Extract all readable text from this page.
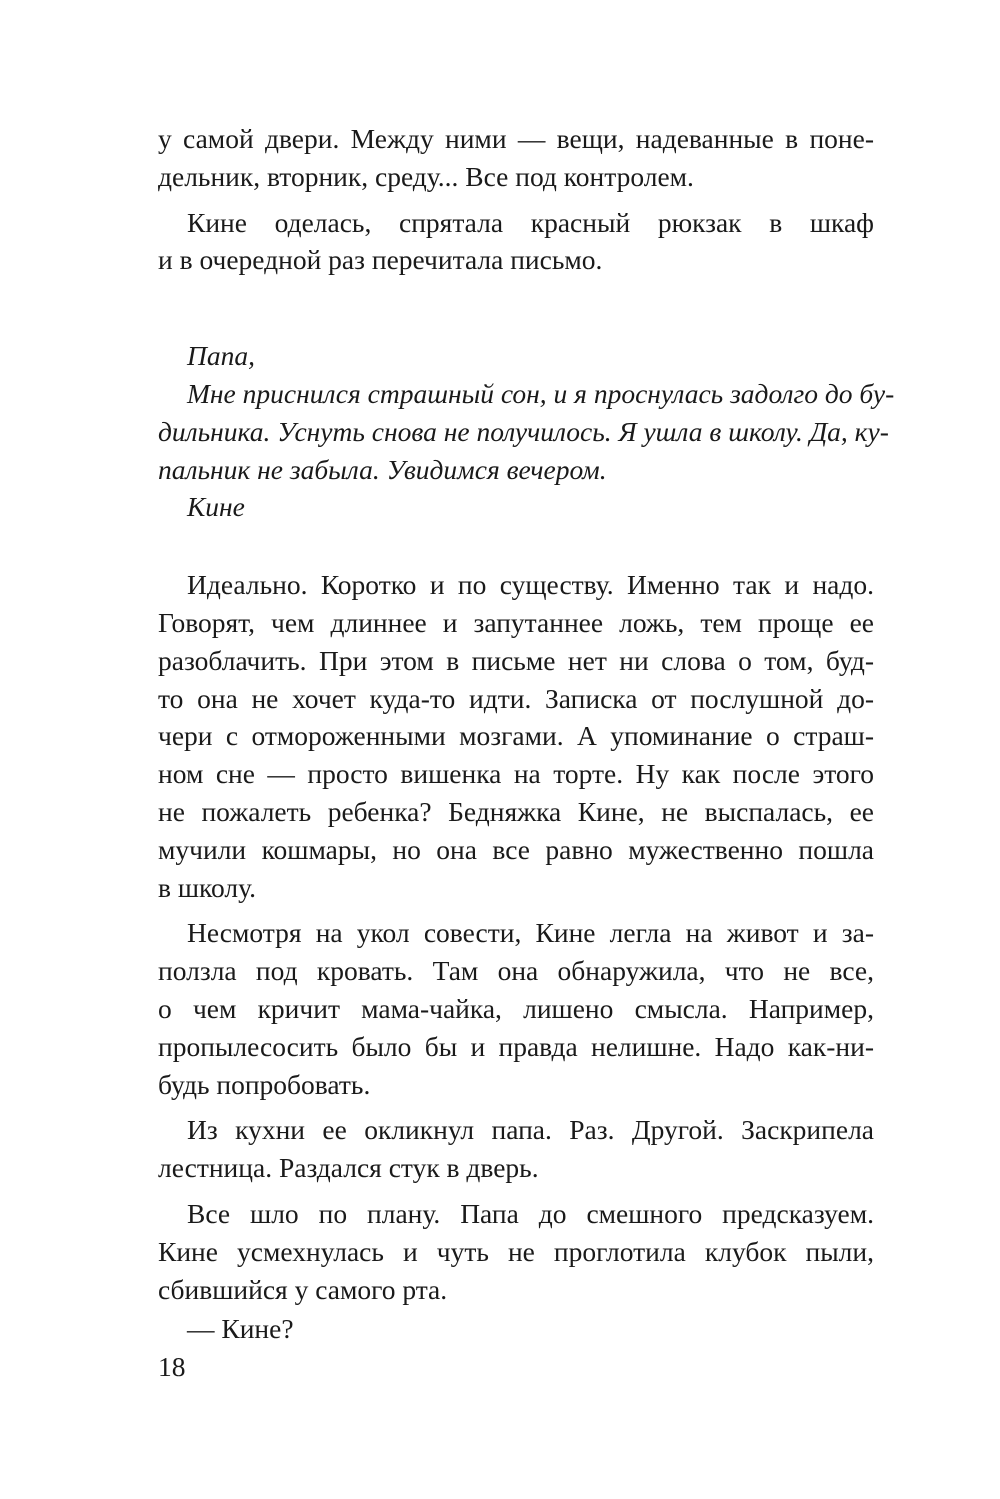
у самой двери. Между ними — вещи, надеванные в поне-
дельник, вторник, среду... Все под контролем.
Кине оделась, спрятала красный рюкзак в шкаф
и в очередной раз перечитала письмо.
Папа,
Мне приснился страшный сон, и я проснулась задолго до бу-
дильника. Уснуть снова не получилось. Я ушла в школу. Да, ку-
пальник не забыла. Увидимся вечером.
Кине
Идеально. Коротко и по существу. Именно так и надо.
Говорят, чем длиннее и запутаннее ложь, тем проще ее
разоблачить. При этом в письме нет ни слова о том, буд-
то она не хочет куда-то идти. Записка от послушной до-
чери с отмороженными мозгами. А упоминание о страш-
ном сне — просто вишенка на торте. Ну как после этого
не пожалеть ребенка? Бедняжка Кине, не выспалась, ее
мучили кошмары, но она все равно мужественно пошла
в школу.
Несмотря на укол совести, Кине легла на живот и за-
ползла под кровать. Там она обнаружила, что не все,
о чем кричит мама-чайка, лишено смысла. Например,
пропылесосить было бы и правда нелишне. Надо как-ни-
будь попробовать.
Из кухни ее окликнул папа. Раз. Другой. Заскрипела
лестница. Раздался стук в дверь.
Все шло по плану. Папа до смешного предсказуем.
Кине усмехнулась и чуть не проглотила клубок пыли,
сбившийся у самого рта.
— Кине?
18
